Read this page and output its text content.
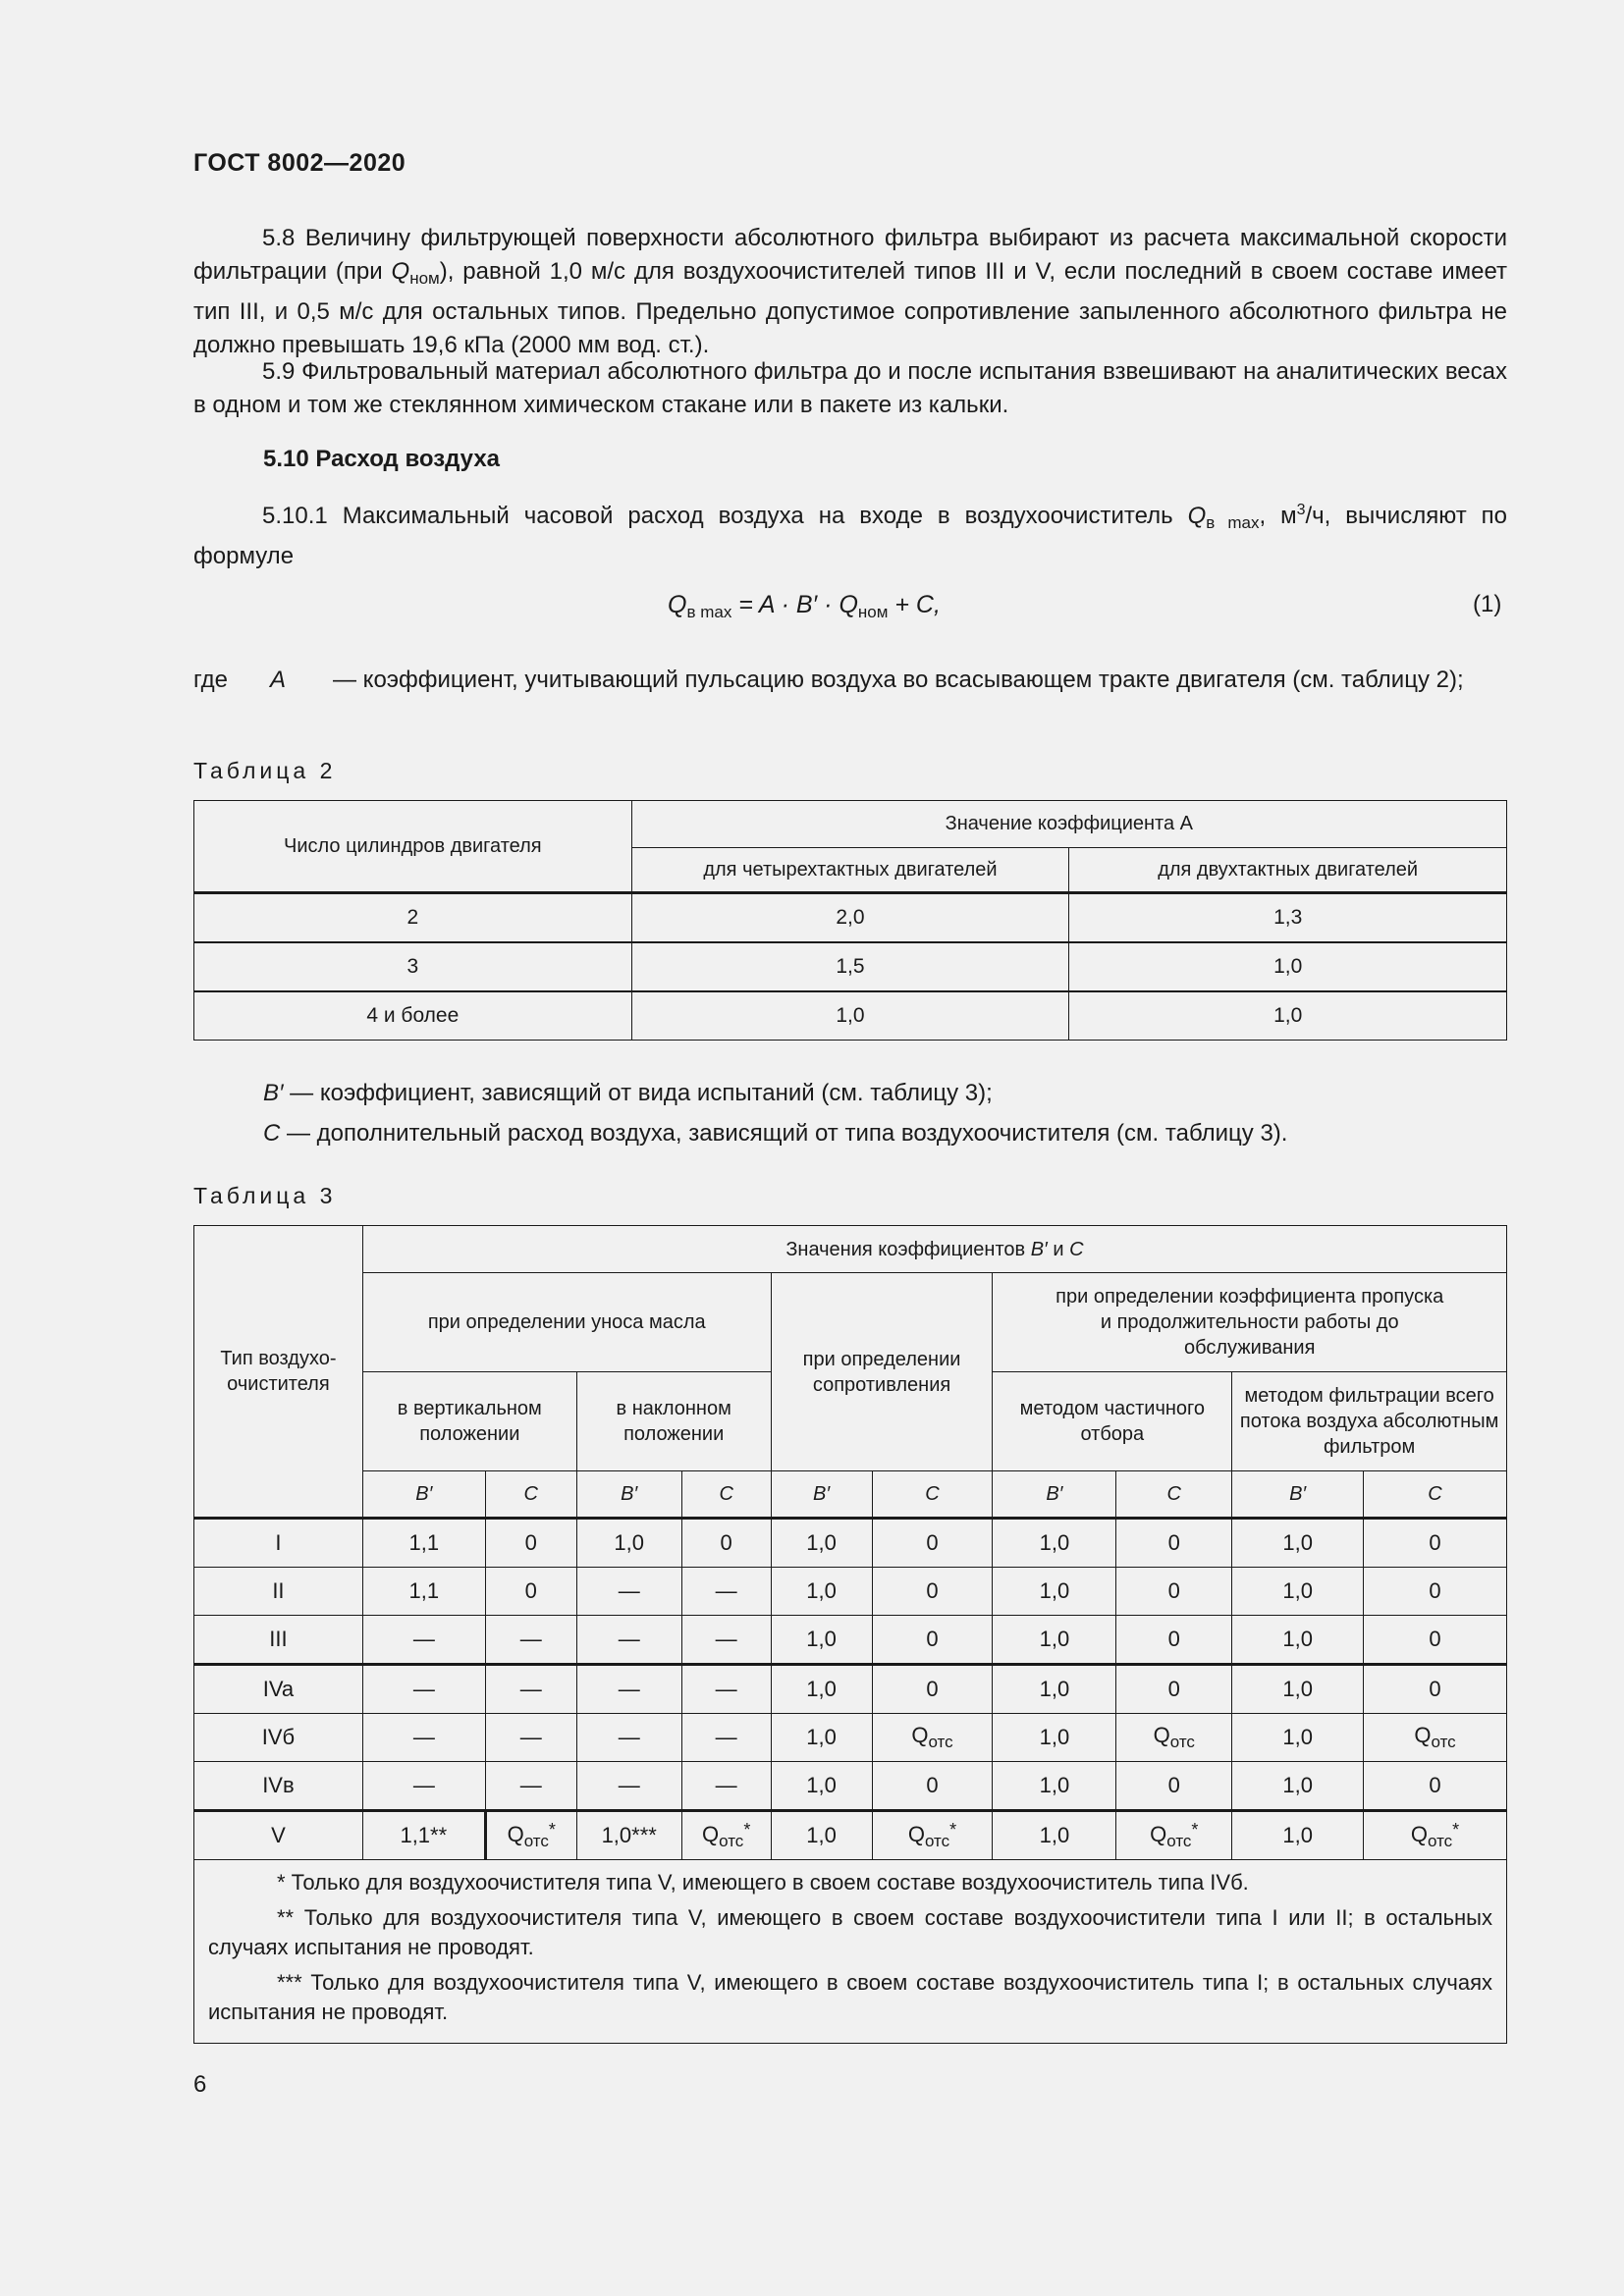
ГОСТ 8002—2020
5.8 Величину фильтрующей поверхности абсолютного фильтра выбирают из расчета максимальной скорости фильтрации (при $Q_{ном}$), равной 1,0 м/с для воздухоочистителей типов III и V, если последний в своем составе имеет тип III, и 0,5 м/с для остальных типов. Предельно допустимое сопротивление запыленного абсолютного фильтра не должно превышать 19,6 кПа (2000 мм вод. ст.).
5.9 Фильтровальный материал абсолютного фильтра до и после испытания взвешивают на аналитических весах в одном и том же стеклянном химическом стакане или в пакете из кальки.
5.10 Расход воздуха
5.10.1 Максимальный часовой расход воздуха на входе в воздухоочиститель $Q_{в max}$, $м^3/ч$, вычисляют по формуле
$Q_{в max} = A \cdot B' \cdot Q_{ном} + C$,	(1)
где A — коэффициент, учитывающий пульсацию воздуха во всасывающем тракте двигателя (см. таблицу 2);
Таблица 2
Число цилиндров двигателя	Значение коэффициента А	
	для четырехтактных двигателей	для двухтактных двигателей
2	2,0	1,3
3	1,5	1,0
4 и более	1,0	1,0
B′ — коэффициент, зависящий от вида испытаний (см. таблицу 3);
C — дополнительный расход воздуха, зависящий от типа воздухоочистителя (см. таблицу 3).
Таблица 3
Тип воздухоочистителя	Значения коэффициентов B′ и C									
	при определении уноса масла				при определении сопротивления		при определении коэффициента пропуска и продолжительности работы до обслуживания			
	в вертикальном положении		в наклонном положении				методом частичного отбора		методом фильтрации всего потока воздуха абсолютным фильтром	
	B′	C	B′	C	B′	C	B′	C	B′	C
I	1,1	0	1,0	0	1,0	0	1,0	0	1,0	0
II	1,1	0	—	—	1,0	0	1,0	0	1,0	0
III	—	—	—	—	1,0	0	1,0	0	1,0	0
IVa	—	—	—	—	1,0	0	1,0	0	1,0	0
IVб	—	—	—	—	1,0	$Q_{отс}$	1,0	$Q_{отс}$	1,0	$Q_{отс}$
IVв	—	—	—	—	1,0	0	1,0	0	1,0	0
V	1,1**	$Q_{отс}^*$	1,0***	$Q_{отс}^*$	1,0	$Q_{отс}^*$	1,0	$Q_{отс}^*$	1,0	$Q_{отс}^*$

* Только для воздухоочистителя типа V, имеющего в своем составе воздухоочиститель типа IVб.

** Только для воздухоочистителя типа V, имеющего в своем составе воздухоочистители типа I или II; в остальных случаях испытания не проводят.

*** Только для воздухоочистителя типа V, имеющего в своем составе воздухоочиститель типа I; в остальных случаях испытания не проводят.										

6
